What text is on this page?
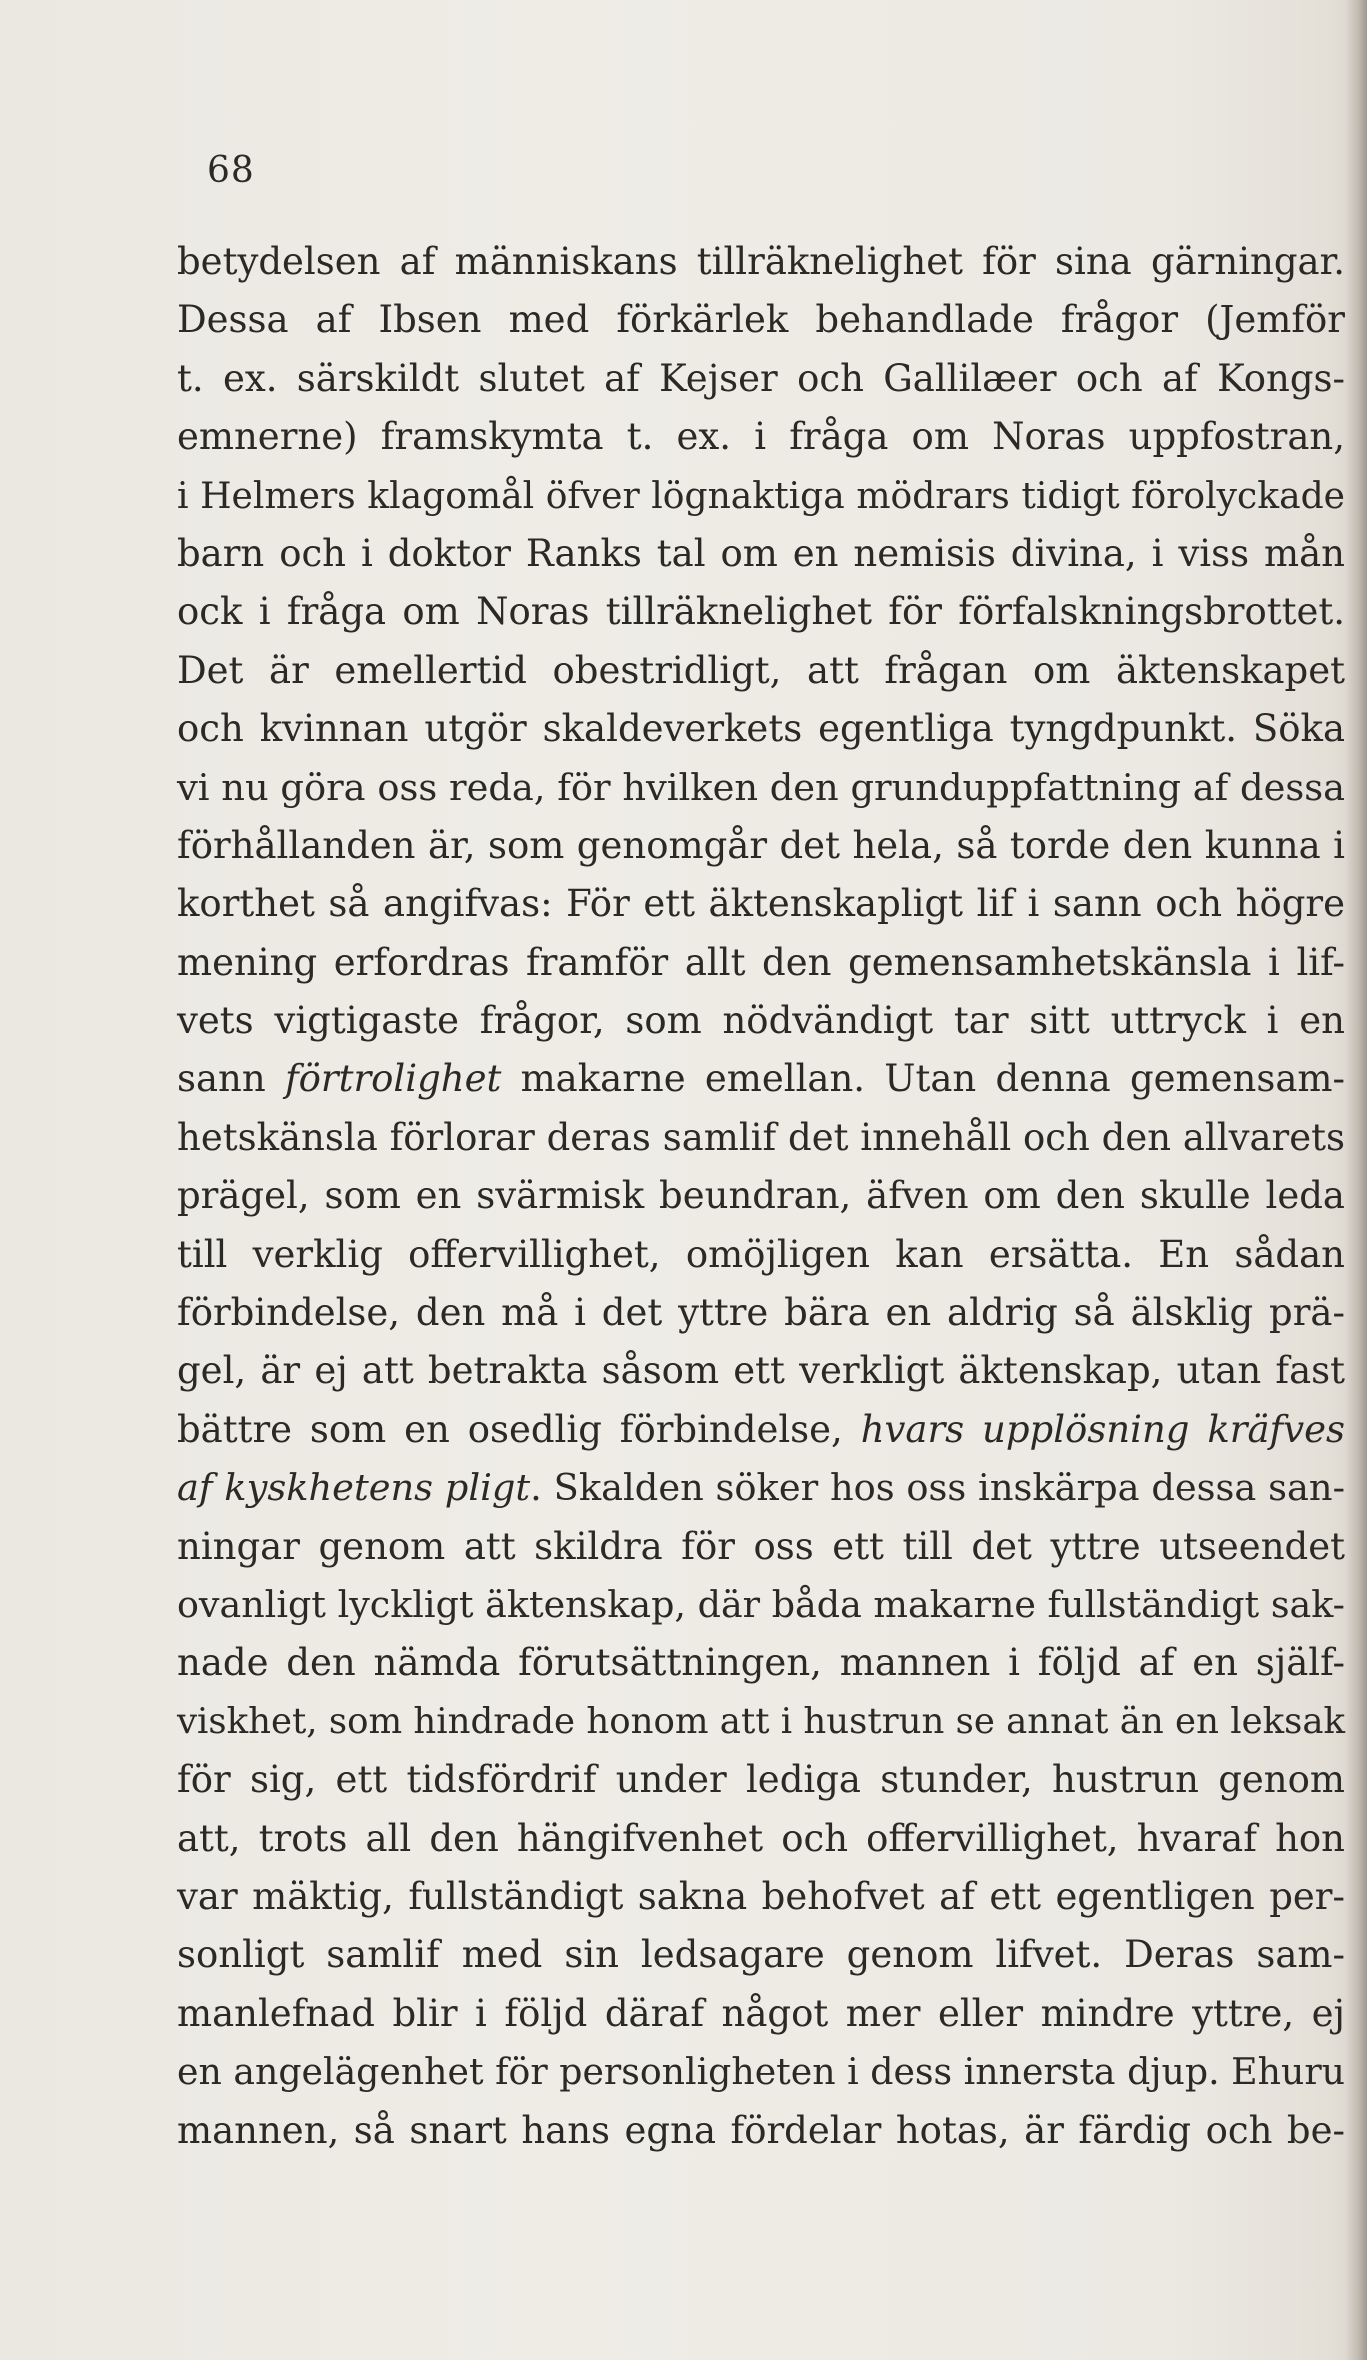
68
betydelsen af människans tillräknelighet för sina gärningar.
Dessa af Ibsen med förkärlek behandlade frågor (Jemför
t. ex. särskildt slutet af Kejser och Gallilæer och af Kongs-
emnerne) framskymta t. ex. i fråga om Noras uppfostran,
i Helmers klagomål öfver lögnaktiga mödrars tidigt förolyckade
barn och i doktor Ranks tal om en nemisis divina, i viss mån
ock i fråga om Noras tillräknelighet för förfalskningsbrottet.
Det är emellertid obestridligt, att frågan om äktenskapet
och kvinnan utgör skaldeverkets egentliga tyngdpunkt. Söka
vi nu göra oss reda, för hvilken den grunduppfattning af dessa
förhållanden är, som genomgår det hela, så torde den kunna i
korthet så angifvas: För ett äktenskapligt lif i sann och högre
mening erfordras framför allt den gemensamhetskänsla i lif-
vets vigtigaste frågor, som nödvändigt tar sitt uttryck i en
sann förtrolighet makarne emellan. Utan denna gemensam-
hetskänsla förlorar deras samlif det innehåll och den allvarets
prägel, som en svärmisk beundran, äfven om den skulle leda
till verklig offervillighet, omöjligen kan ersätta. En sådan
förbindelse, den må i det yttre bära en aldrig så älsklig prä-
gel, är ej att betrakta såsom ett verkligt äktenskap, utan fast
bättre som en osedlig förbindelse, hvars upplösning kräfves
af kyskhetens pligt. Skalden söker hos oss inskärpa dessa san-
ningar genom att skildra för oss ett till det yttre utseendet
ovanligt lyckligt äktenskap, där båda makarne fullständigt sak-
nade den nämda förutsättningen, mannen i följd af en själf-
viskhet, som hindrade honom att i hustrun se annat än en leksak
för sig, ett tidsfördrif under lediga stunder, hustrun genom
att, trots all den hängifvenhet och offervillighet, hvaraf hon
var mäktig, fullständigt sakna behofvet af ett egentligen per-
sonligt samlif med sin ledsagare genom lifvet. Deras sam-
manlefnad blir i följd däraf något mer eller mindre yttre, ej
en angelägenhet för personligheten i dess innersta djup. Ehuru
mannen, så snart hans egna fördelar hotas, är färdig och be-
